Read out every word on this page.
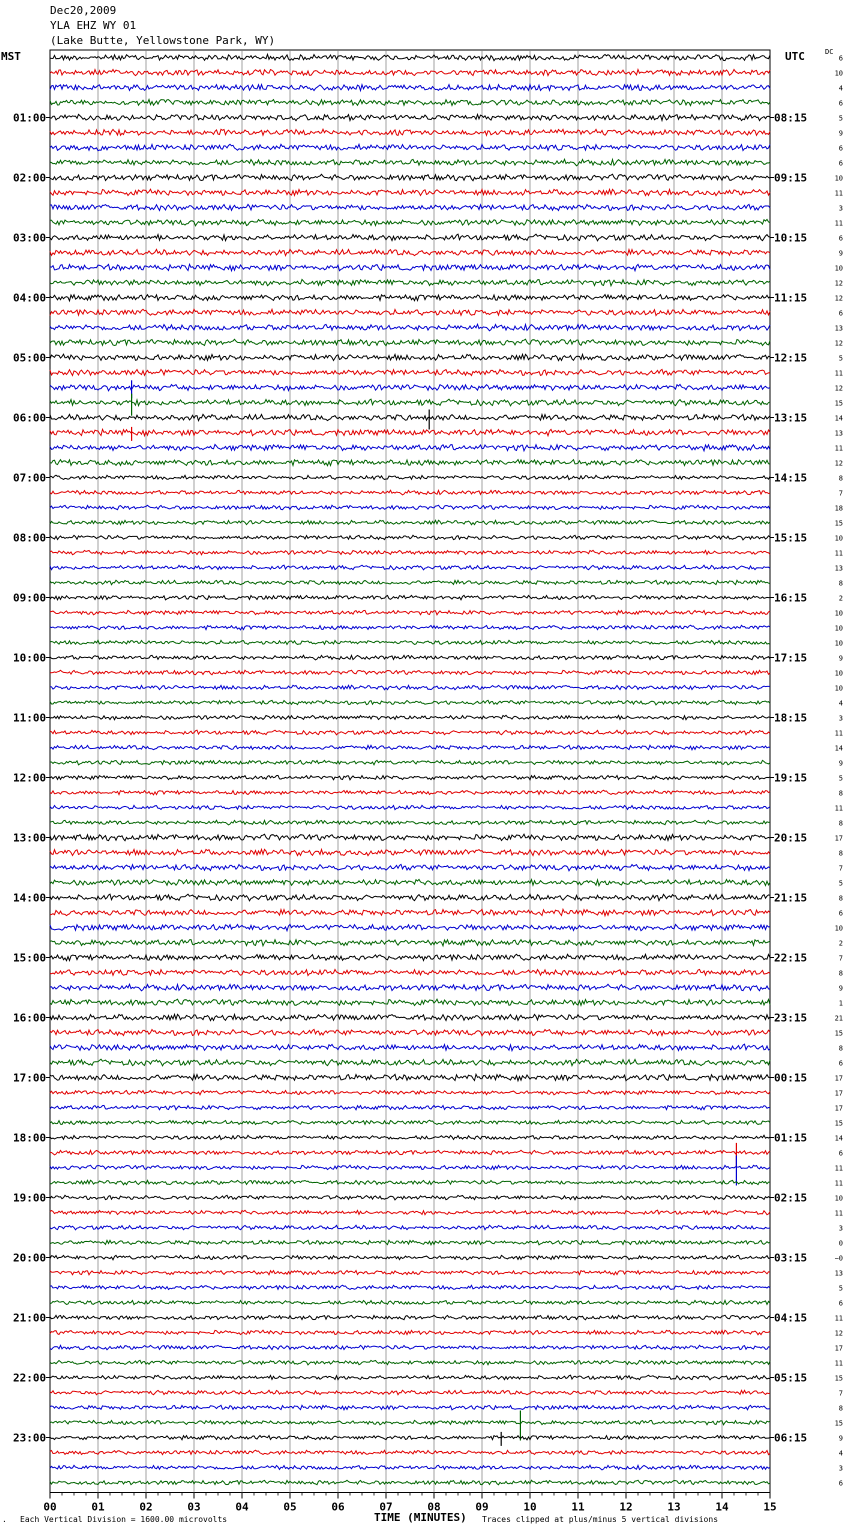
Dec20,2009
YLA EHZ WY 01
(Lake Butte, Yellowstone Park, WY)
MST	UTC	DC
00	01	02	03	04	05	06	07	08	09	10	11	12	13	14	15
6
10
4
6
5
9
6
6
10
11
3
11
6
9
10
12
12
6
13
12
5
11
12
15
14
13
11
12
8
7
18
15
10
11
13
8
2
10
10
10
9
10
10
4
3
11
14
9
5
8
11
8
17
8
7
5
8
6
10
2
7
8
9
1
21
15
8
6
17
17
17
15
14
6
11
11
10
11
3
0
−0
13
5
6
11
12
17
11
15
7
8
15
9
4
3
6
01:00	08:15
02:00	09:15
03:00	10:15
04:00	11:15
05:00	12:15
06:00	13:15
07:00	14:15
08:00	15:15
09:00	16:15
10:00	17:15
11:00	18:15
12:00	19:15
13:00	20:15
14:00	21:15
15:00	22:15
16:00	23:15
17:00	00:15
18:00	01:15
19:00	02:15
20:00	03:15
21:00	04:15
22:00	05:15
23:00	06:15
. Each Vertical Division = 1600.00 microvolts	TIME (MINUTES) Traces clipped at plus/minus 5 vertical divisions
